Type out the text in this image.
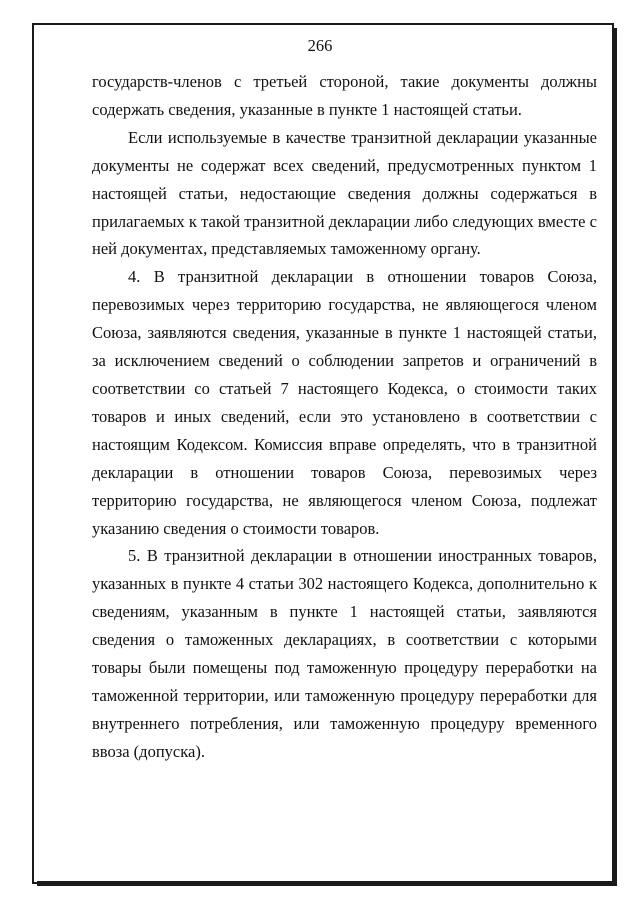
266

государств-членов с третьей стороной, такие документы должны содержать сведения, указанные в пункте 1 настоящей статьи.

Если используемые в качестве транзитной декларации указанные документы не содержат всех сведений, предусмотренных пунктом 1 настоящей статьи, недостающие сведения должны содержаться в прилагаемых к такой транзитной декларации либо следующих вместе с ней документах, представляемых таможенному органу.

4. В транзитной декларации в отношении товаров Союза, перевозимых через территорию государства, не являющегося членом Союза, заявляются сведения, указанные в пункте 1 настоящей статьи, за исключением сведений о соблюдении запретов и ограничений в соответствии со статьей 7 настоящего Кодекса, о стоимости таких товаров и иных сведений, если это установлено в соответствии с настоящим Кодексом. Комиссия вправе определять, что в транзитной декларации в отношении товаров Союза, перевозимых через территорию государства, не являющегося членом Союза, подлежат указанию сведения о стоимости товаров.

5. В транзитной декларации в отношении иностранных товаров, указанных в пункте 4 статьи 302 настоящего Кодекса, дополнительно к сведениям, указанным в пункте 1 настоящей статьи, заявляются сведения о таможенных декларациях, в соответствии с которыми товары были помещены под таможенную процедуру переработки на таможенной территории, или таможенную процедуру переработки для внутреннего потребления, или таможенную процедуру временного ввоза (допуска).
